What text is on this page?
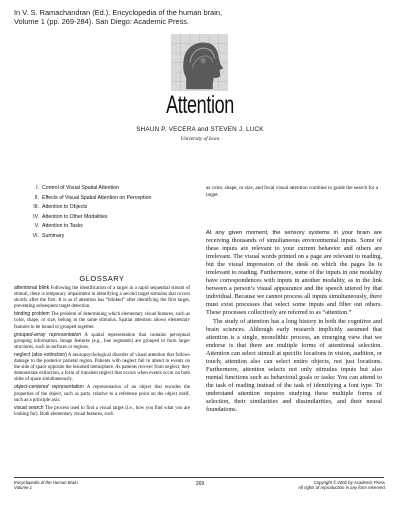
In V. S. Ramachandran (Ed.). Encyclopedia of the human brain,
Volume 1 (pp. 269-284). San Diego: Academic Press.
Attention
SHAUN P. VECERA and STEVEN J. LUCK
University of Iowa
I. Control of Visual Spatial Attention
II. Effects of Visual Spatial Attention on Perception
III. Attention to Objects
IV. Attention to Other Modalities
V. Attention to Tasks
VI. Summary
as color, shape, or size, and focal visual attention combine to guide the search for a target.
GLOSSARY

attentional blink Following the identification of a target in a rapid sequential stream of stimuli, there is temporary impairment in identifying a second target stimulus that occurs shortly after the first. It is as if attention has “blinked” after identifying the first target, preventing subsequent target detection.

binding problem The problem of determining which elementary visual features, such as color, shape, or size, belong to the same stimulus. Spatial attention allows elementary features to be bound or grouped together.

grouped-array representation A spatial representation that contains perceptual grouping information. Image features (e.g., line segments) are grouped to form larger structures, such as surfaces or regions.

neglect (also extinction) A neuropsychological disorder of visual attention that follows damage to the posterior parietal region. Patients with neglect fail to attend to events on the side of space opposite the lesioned hemisphere. As patients recover from neglect, they demonstrate extinction, a form of transient neglect that occurs when events occur on both sides of space simultaneously.

object-centered representation A representation of an object that encodes the properties of the object, such as parts, relative to a reference point on the object itself, such as a principle axis.

visual search The process used to find a visual target (i.e., how you find what you are looking for). Both elementary visual features, such

At any given moment, the sensory systems in your brain are receiving thousands of simultaneous environmental inputs. Some of these inputs are relevant to your current behavior and others are irrelevant. The visual words printed on a page are relevant to reading, but the visual impression of the desk on which the pages lie is irrelevant to reading. Furthermore, some of the inputs in one modality have correspondences with inputs in another modality, as in the link between a person’s visual appearance and the speech uttered by that individual. Because we cannot process all inputs simultaneously, there must exist processes that select some inputs and filter out others. These processes collectively are referred to as “attention.”

The study of attention has a long history in both the cognitive and brain sciences. Although early research implicitly assumed that attention is a single, monolithic process, an emerging view that we endorse is that there are multiple forms of attentional selection. Attention can select stimuli at specific locations in vision, audition, or touch; attention also can select entire objects, not just locations. Furthermore, attention selects not only stimulus inputs but also mental functions such as behavioral goals or tasks: You can attend to the task of reading instead of the task of identifying a font type. To understand attention requires studying these multiple forms of selection, their similarities and dissimilarities, and their neural foundations.

Encyclopedia of the Human Brain
Volume 1
269	Copyright © 2002 by Academic Press.
All rights of reproduction in any form reserved.
